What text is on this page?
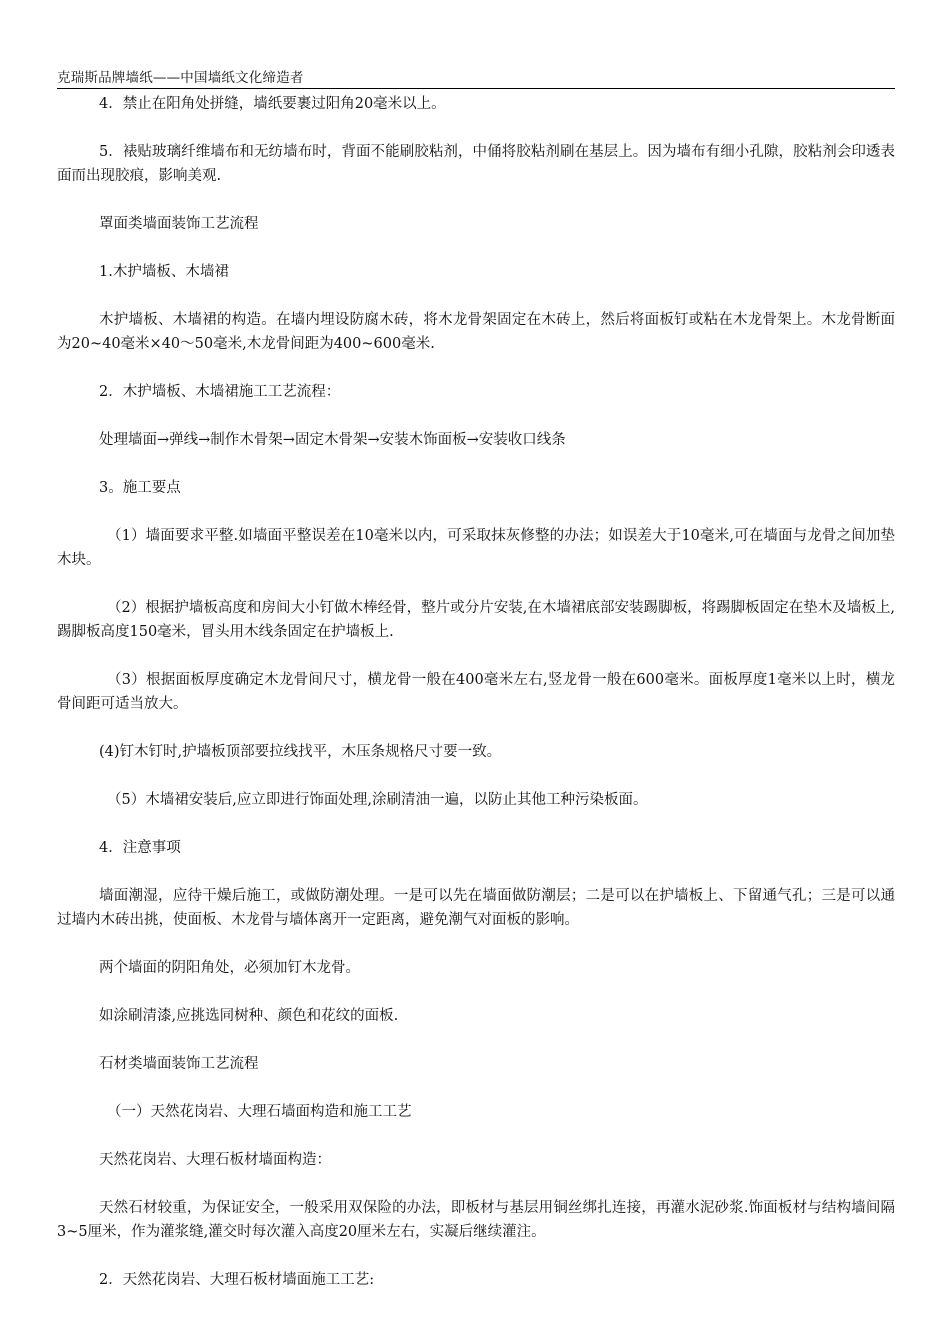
克瑞斯品牌墙纸——中国墙纸文化缔造者

4．禁止在阳角处拼缝，墙纸要裹过阳角20毫米以上。

5．裱贴玻璃纤维墙布和无纺墙布时，背面不能刷胶粘剂，中俑将胶粘剂刷在基层上。因为墙布有细小孔隙，胶粘剂会印透表面而出现胶痕，影响美观.

罩面类墙面装饰工艺流程

1.木护墙板、木墙裙

木护墙板、木墙裙的构造。在墙内埋设防腐木砖，将木龙骨架固定在木砖上，然后将面板钉或粘在木龙骨架上。木龙骨断面为20~40毫米×40～50毫米,木龙骨间距为400~600毫米.

2．木护墙板、木墙裙施工工艺流程：

处理墙面→弹线→制作木骨架→固定木骨架→安装木饰面板→安装收口线条

3。施工要点

（1）墙面要求平整.如墙面平整误差在10毫米以内，可采取抹灰修整的办法；如误差大于10毫米,可在墙面与龙骨之间加垫木块。

（2）根据护墙板高度和房间大小钉做木棒经骨，整片或分片安装,在木墙裙底部安装踢脚板，将踢脚板固定在垫木及墙板上,踢脚板高度150毫米，冒头用木线条固定在护墙板上.

（3）根据面板厚度确定木龙骨间尺寸，横龙骨一般在400毫米左右,竖龙骨一般在600毫米。面板厚度1毫米以上时，横龙骨间距可适当放大。

(4)钉木钉时,护墙板顶部要拉线找平，木压条规格尺寸要一致。

（5）木墙裙安装后,应立即进行饰面处理,涂刷清油一遍，以防止其他工种污染板面。

4．注意事项

墙面潮湿，应待干燥后施工，或做防潮处理。一是可以先在墙面做防潮层；二是可以在护墙板上、下留通气孔；三是可以通过墙内木砖出挑，使面板、木龙骨与墙体离开一定距离，避免潮气对面板的影响。

两个墙面的阴阳角处，必须加钉木龙骨。

如涂刷清漆,应挑选同树种、颜色和花纹的面板.

石材类墙面装饰工艺流程

（一）天然花岗岩、大理石墙面构造和施工工艺

天然花岗岩、大理石板材墙面构造：

天然石材较重，为保证安全，一般采用双保险的办法，即板材与基层用铜丝绑扎连接，再灌水泥砂浆.饰面板材与结构墙间隔3~5厘米，作为灌浆缝,灌交时每次灌入高度20厘米左右，实凝后继续灌注。

2．天然花岗岩、大理石板材墙面施工工艺:
